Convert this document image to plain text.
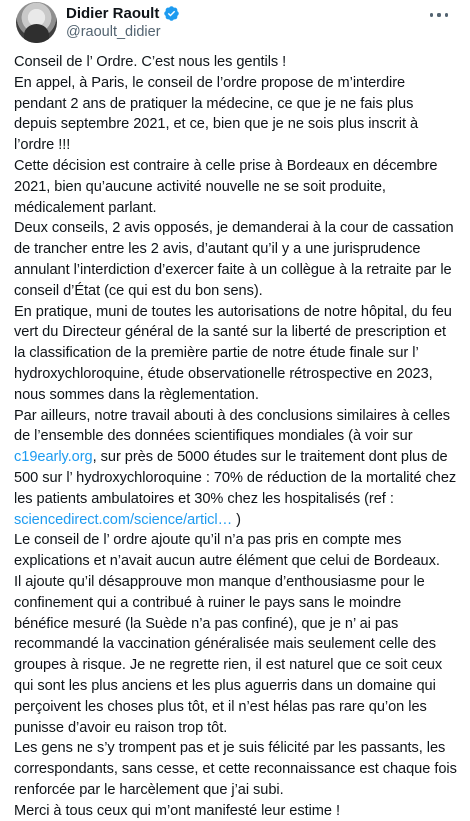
Didier Raoult
@raoult_didier

Conseil de l’ Ordre. C’est nous les gentils !

En appel, à Paris, le conseil de l’ordre propose de m’interdire pendant 2 ans de pratiquer la médecine, ce que je ne fais plus depuis septembre 2021, et ce, bien que je ne sois plus inscrit à l’ordre !!!

Cette décision est contraire à celle prise à Bordeaux en décembre 2021, bien qu’aucune activité nouvelle ne se soit produite, médicalement parlant.

Deux conseils, 2 avis opposés, je demanderai à la cour de cassation de trancher entre les 2 avis, d’autant qu’il y a une jurisprudence annulant l’interdiction d’exercer faite à un collègue à la retraite par le conseil d’État (ce qui est du bon sens).

En pratique, muni de toutes les autorisations de notre hôpital, du feu vert du Directeur général de la santé sur la liberté de prescription et la classification de la première partie de notre étude finale sur l’ hydroxychloroquine, étude observationelle rétrospective en 2023, nous sommes dans la règlementation.

Par ailleurs, notre travail abouti à des conclusions similaires à celles de l’ensemble des données scientifiques mondiales (à voir sur c19early.org, sur près de 5000 études sur le traitement dont plus de 500 sur l’ hydroxychloroquine : 70% de réduction de la mortalité chez les patients ambulatoires et 30% chez les hospitalisés (ref : sciencedirect.com/science/articl… )

Le conseil de l’ ordre ajoute qu’il n’a pas pris en compte mes explications et n’avait aucun autre élément que celui de Bordeaux.

Il ajoute qu’il désapprouve mon manque d’enthousiasme pour le confinement qui a contribué à ruiner le pays sans le moindre bénéfice mesuré (la Suède n’a pas confiné), que je n’ ai pas recommandé la vaccination généralisée mais seulement celle des groupes à risque. Je ne regrette rien, il est naturel que ce soit ceux qui sont les plus anciens et les plus aguerris dans un domaine qui perçoivent les choses plus tôt, et il n’est hélas pas rare qu’on les punisse d’avoir eu raison trop tôt.

Les gens ne s’y trompent pas et je suis félicité par les passants, les correspondants, sans cesse, et cette reconnaissance est chaque fois renforcée par le harcèlement que j’ai subi.

Merci à tous ceux qui m’ont manifesté leur estime !
